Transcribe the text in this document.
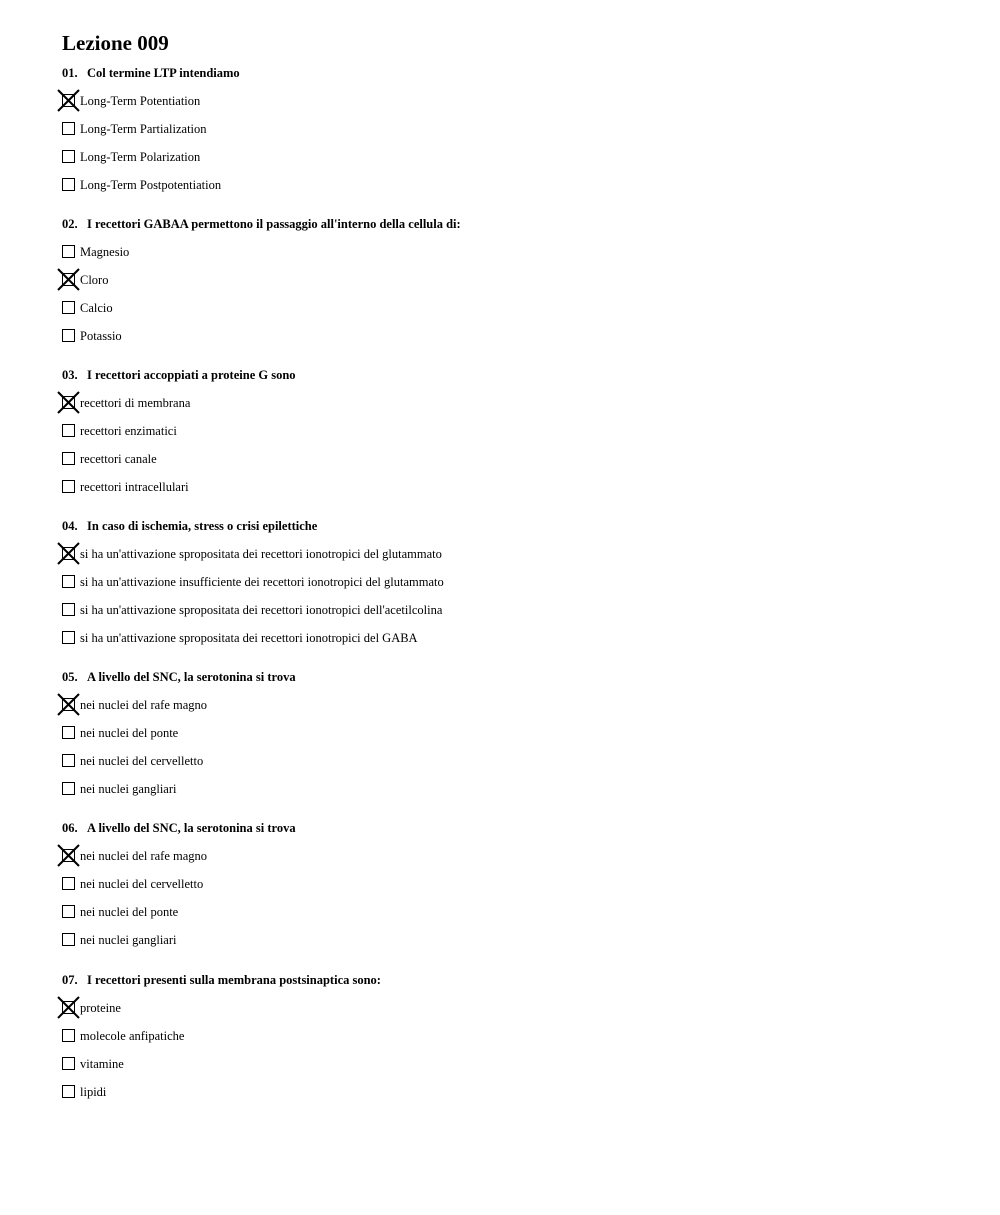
Lezione 009
01. Col termine LTP intendiamo
Long-Term Potentiation
Long-Term Partialization
Long-Term Polarization
Long-Term Postpotentiation
02. I recettori GABAA permettono il passaggio all'interno della cellula di:
Magnesio
Cloro
Calcio
Potassio
03. I recettori accoppiati a proteine G sono
recettori di membrana
recettori enzimatici
recettori canale
recettori intracellulari
04. In caso di ischemia, stress o crisi epilettiche
si ha un'attivazione spropositata dei recettori ionotropici del glutammato
si ha un'attivazione insufficiente dei recettori ionotropici del glutammato
si ha un'attivazione spropositata dei recettori ionotropici dell'acetilcolina
si ha un'attivazione spropositata dei recettori ionotropici del GABA
05. A livello del SNC, la serotonina si trova
nei nuclei del rafe magno
nei nuclei del ponte
nei nuclei del cervelletto
nei nuclei gangliari
06. A livello del SNC, la serotonina si trova
nei nuclei del rafe magno
nei nuclei del cervelletto
nei nuclei del ponte
nei nuclei gangliari
07. I recettori presenti sulla membrana postsinaptica sono:
proteine
molecole anfipatiche
vitamine
lipidi
